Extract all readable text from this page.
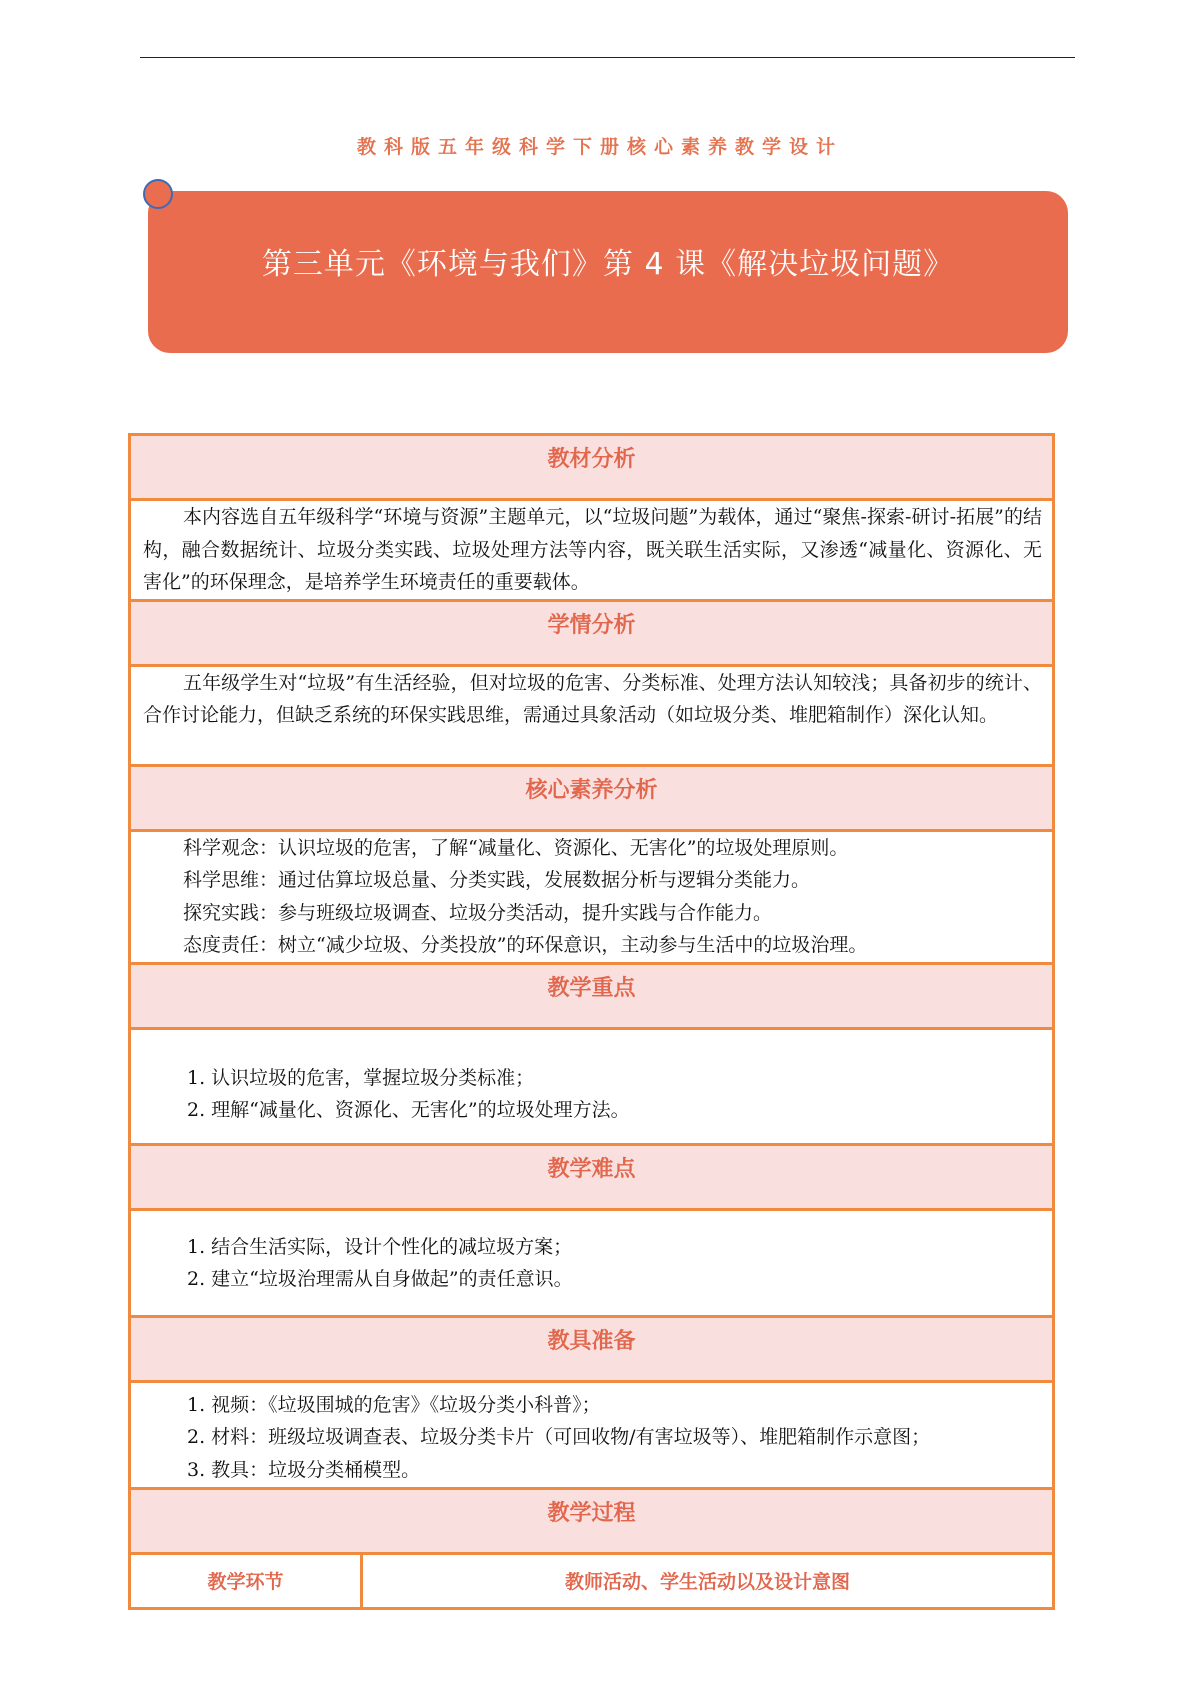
教科版五年级科学下册核心素养教学设计
第三单元《环境与我们》第 4 课《解决垃圾问题》
教材分析

本内容选自五年级科学“环境与资源”主题单元，以“垃圾问题”为载体，通过“聚焦-探索-研讨-拓展”的结构，融合数据统计、垃圾分类实践、垃圾处理方法等内容，既关联生活实际，又渗透“减量化、资源化、无害化”的环保理念，是培养学生环境责任的重要载体。

学情分析

五年级学生对“垃圾”有生活经验，但对垃圾的危害、分类标准、处理方法认知较浅；具备初步的统计、合作讨论能力，但缺乏系统的环保实践思维，需通过具象活动（如垃圾分类、堆肥箱制作）深化认知。

核心素养分析

科学观念：认识垃圾的危害，了解“减量化、资源化、无害化”的垃圾处理原则。

科学思维：通过估算垃圾总量、分类实践，发展数据分析与逻辑分类能力。

探究实践：参与班级垃圾调查、垃圾分类活动，提升实践与合作能力。

态度责任：树立“减少垃圾、分类投放”的环保意识，主动参与生活中的垃圾治理。

教学重点

1. 认识垃圾的危害，掌握垃圾分类标准；

2. 理解“减量化、资源化、无害化”的垃圾处理方法。

教学难点

1. 结合生活实际，设计个性化的减垃圾方案；

2. 建立“垃圾治理需从自身做起”的责任意识。

教具准备

1. 视频：《垃圾围城的危害》《垃圾分类小科普》；

2. 材料：班级垃圾调查表、垃圾分类卡片（可回收物/有害垃圾等）、堆肥箱制作示意图；

3. 教具：垃圾分类桶模型。

教学过程
教学环节	教师活动、学生活动以及设计意图
